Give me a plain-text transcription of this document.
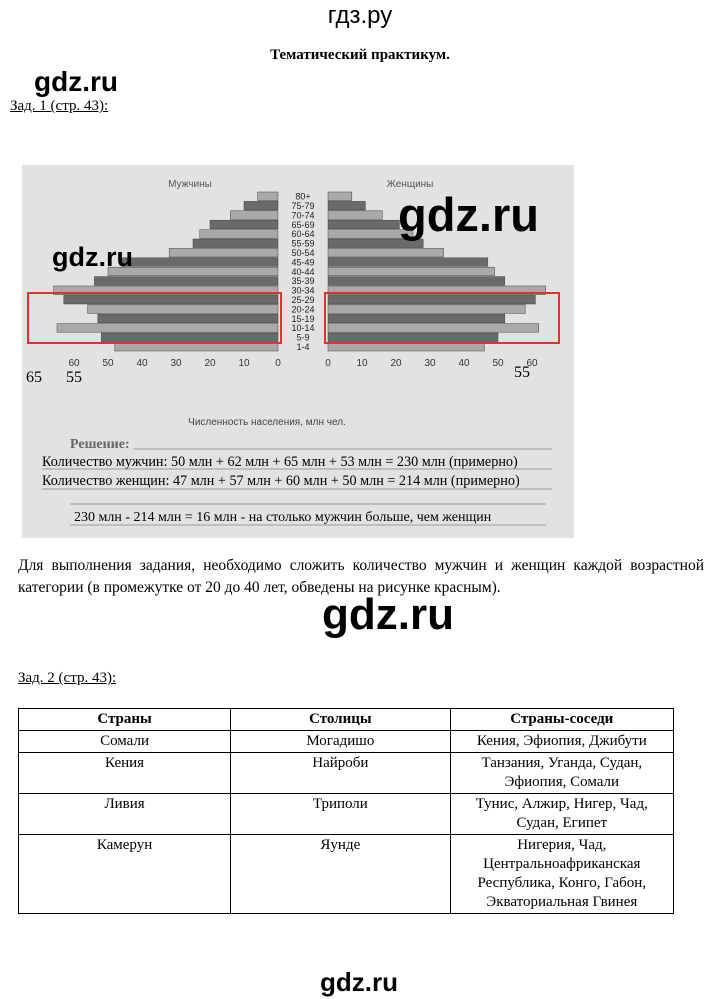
гдз.ру
Тематический практикум.
gdz.ru
Зад. 1 (стр. 43):
Мужчины	Женщины
80+
75-79
70-74
65-69
60-64
55-59
50-54
45-49
40-44
35-39
30-34
25-29
20-24
15-19
10-14
5-9
1-4
60 50 40 30 20 10	0	0	10 20 30 40 50 60
Численность населения, млн чел.
65 55	55
Решение:
Количество мужчин: 50 млн + 62 млн + 65 млн + 53 млн = 230 млн (примерно)
Количество женщин: 47 млн + 57 млн + 60 млн + 50 млн = 214 млн (примерно)
230 млн - 214 млн = 16 млн - на столько мужчин больше, чем женщин
gdz.ru
gdz.ru
Для выполнения задания, необходимо сложить количество мужчин и женщин каждой возрастной категории (в промежутке от 20 до 40 лет, обведены на рисунке красным).
gdz.ru
Зад. 2 (стр. 43):
Страны	Столицы	Страны-соседи
Сомали	Могадишо	Кения, Эфиопия, Джибути
Кения	Найроби	Танзания, Уганда, Судан,
Эфиопия, Сомали
Ливия	Триполи	Тунис, Алжир, Нигер, Чад,
Судан, Египет
Камерун	Яунде	Нигерия, Чад,
Центральноафриканская
Республика, Конго, Габон,
Экваториальная Гвинея
gdz.ru
